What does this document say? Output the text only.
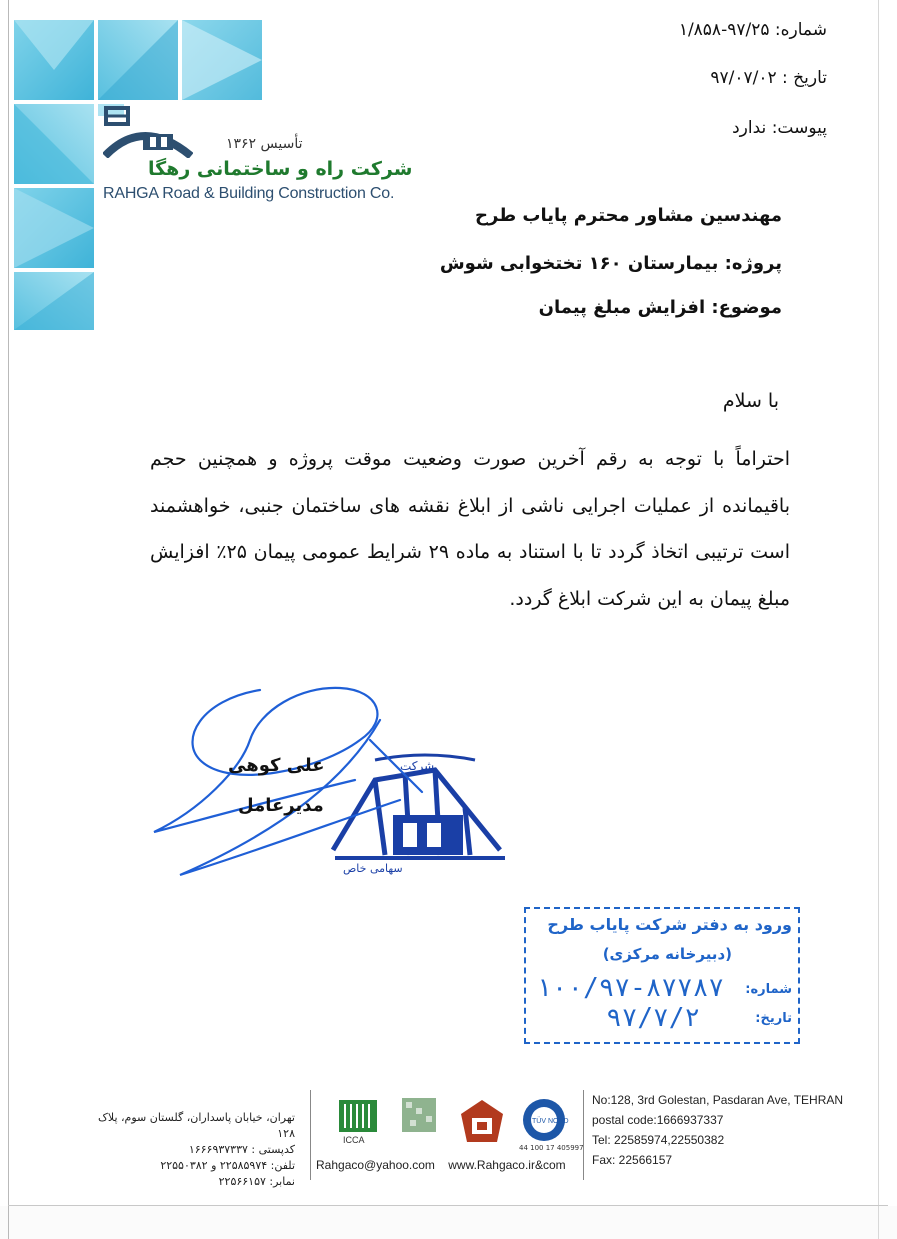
تأسیس ۱۳۶۲
شرکت راه و ساختمانی رهگا
RAHGA Road & Building Construction Co.
شماره: ۹۷/۲۵-۱/۸۵۸
تاریخ : ۹۷/۰۷/۰۲
پیوست: ندارد
مهندسین مشاور محترم پایاب طرح
پروژه: بیمارستان ۱۶۰ تختخوابی شوش
موضوع: افزایش مبلغ پیمان
با سلام
احتراماً با توجه به رقم آخرین صورت وضعیت موقت پروژه و همچنین حجم باقیمانده از عملیات اجرایی ناشی از ابلاغ نقشه های ساختمان جنبی، خواهشمند است ترتیبی اتخاذ گردد تا با استناد به ماده ۲۹ شرایط عمومی پیمان ۲۵٪ افزایش مبلغ پیمان به این شرکت ابلاغ گردد.
شرکت
سهامی خاص
علی کوهی
مدیرعامل
ورود به دفتر شرکت پایاب طرح
(دبیرخانه مرکزی)
شماره:
۱۰۰/۹۷-۸۷۷۸۷
تاریخ:
۹۷/۷/۲
تهران، خیابان پاسداران، گلستان سوم، پلاک ۱۲۸
کدپستی : ۱۶۶۶۹۳۷۳۳۷
تلفن: ۲۲۵۸۵۹۷۴ و ۲۲۵۵۰۳۸۲
نمابر: ۲۲۵۶۶۱۵۷
ICCA
TÜV NORD
44 100 17 405997
Rahgaco@yahoo.com www.Rahgaco.ir&com
No:128, 3rd Golestan, Pasdaran Ave, TEHRAN
postal code:1666937337
Tel: 22585974,22550382
Fax: 22566157
